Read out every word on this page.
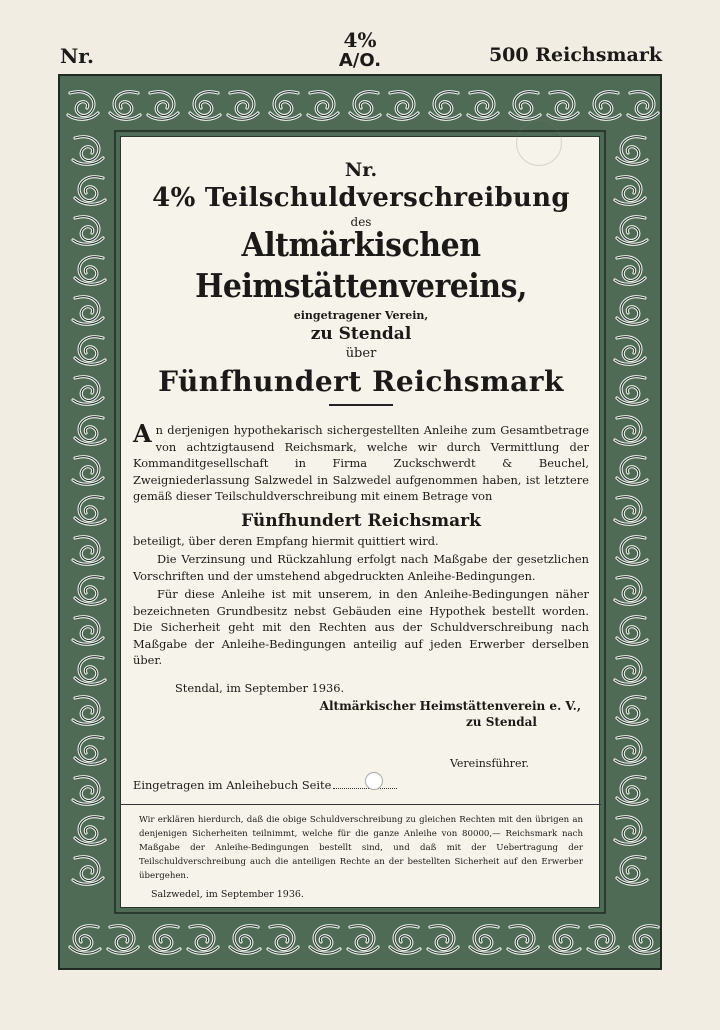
Nr.
4%
A/O.	500 Reichsmark
Nr.
4% Teilschuldverschreibung
des
Altmärkischen Heimstättenvereins,
eingetragener Verein,
zu Stendal
über
Fünfhundert Reichsmark

An derjenigen hypothekarisch sichergestellten Anleihe zum Gesamtbetrage von achtzigtausend Reichsmark, welche wir durch Vermittlung der Kommanditgesellschaft in Firma Zuckschwerdt & Beuchel, Zweigniederlassung Salzwedel in Salzwedel aufgenommen haben, ist letztere gemäß dieser Teilschuldverschreibung mit einem Betrage von

Fünfhundert Reichsmark

beteiligt, über deren Empfang hiermit quittiert wird.

Die Verzinsung und Rückzahlung erfolgt nach Maßgabe der gesetzlichen Vorschriften und der umstehend abgedruckten Anleihe-Bedingungen.

Für diese Anleihe ist mit unserem, in den Anleihe-Bedingungen näher bezeichneten Grundbesitz nebst Gebäuden eine Hypothek bestellt worden. Die Sicherheit geht mit den Rechten aus der Schuldverschreibung nach Maßgabe der Anleihe-Bedingungen anteilig auf jeden Erwerber derselben über.

Stendal, im September 1936.
Altmärkischer Heimstättenverein e. V.,
zu Stendal
Vereinsführer.
Eingetragen im Anleihebuch Seite
Wir erklären hierdurch, daß die obige Schuldverschreibung zu gleichen Rechten mit den übrigen an denjenigen Sicherheiten teilnimmt, welche für die ganze Anleihe von 80000,— Reichsmark nach Maßgabe der Anleihe-Bedingungen bestellt sind, und daß mit der Uebertragung der Teilschuldverschreibung auch die anteiligen Rechte an der bestellten Sicherheit auf den Erwerber übergehen.
Salzwedel, im September 1936.
